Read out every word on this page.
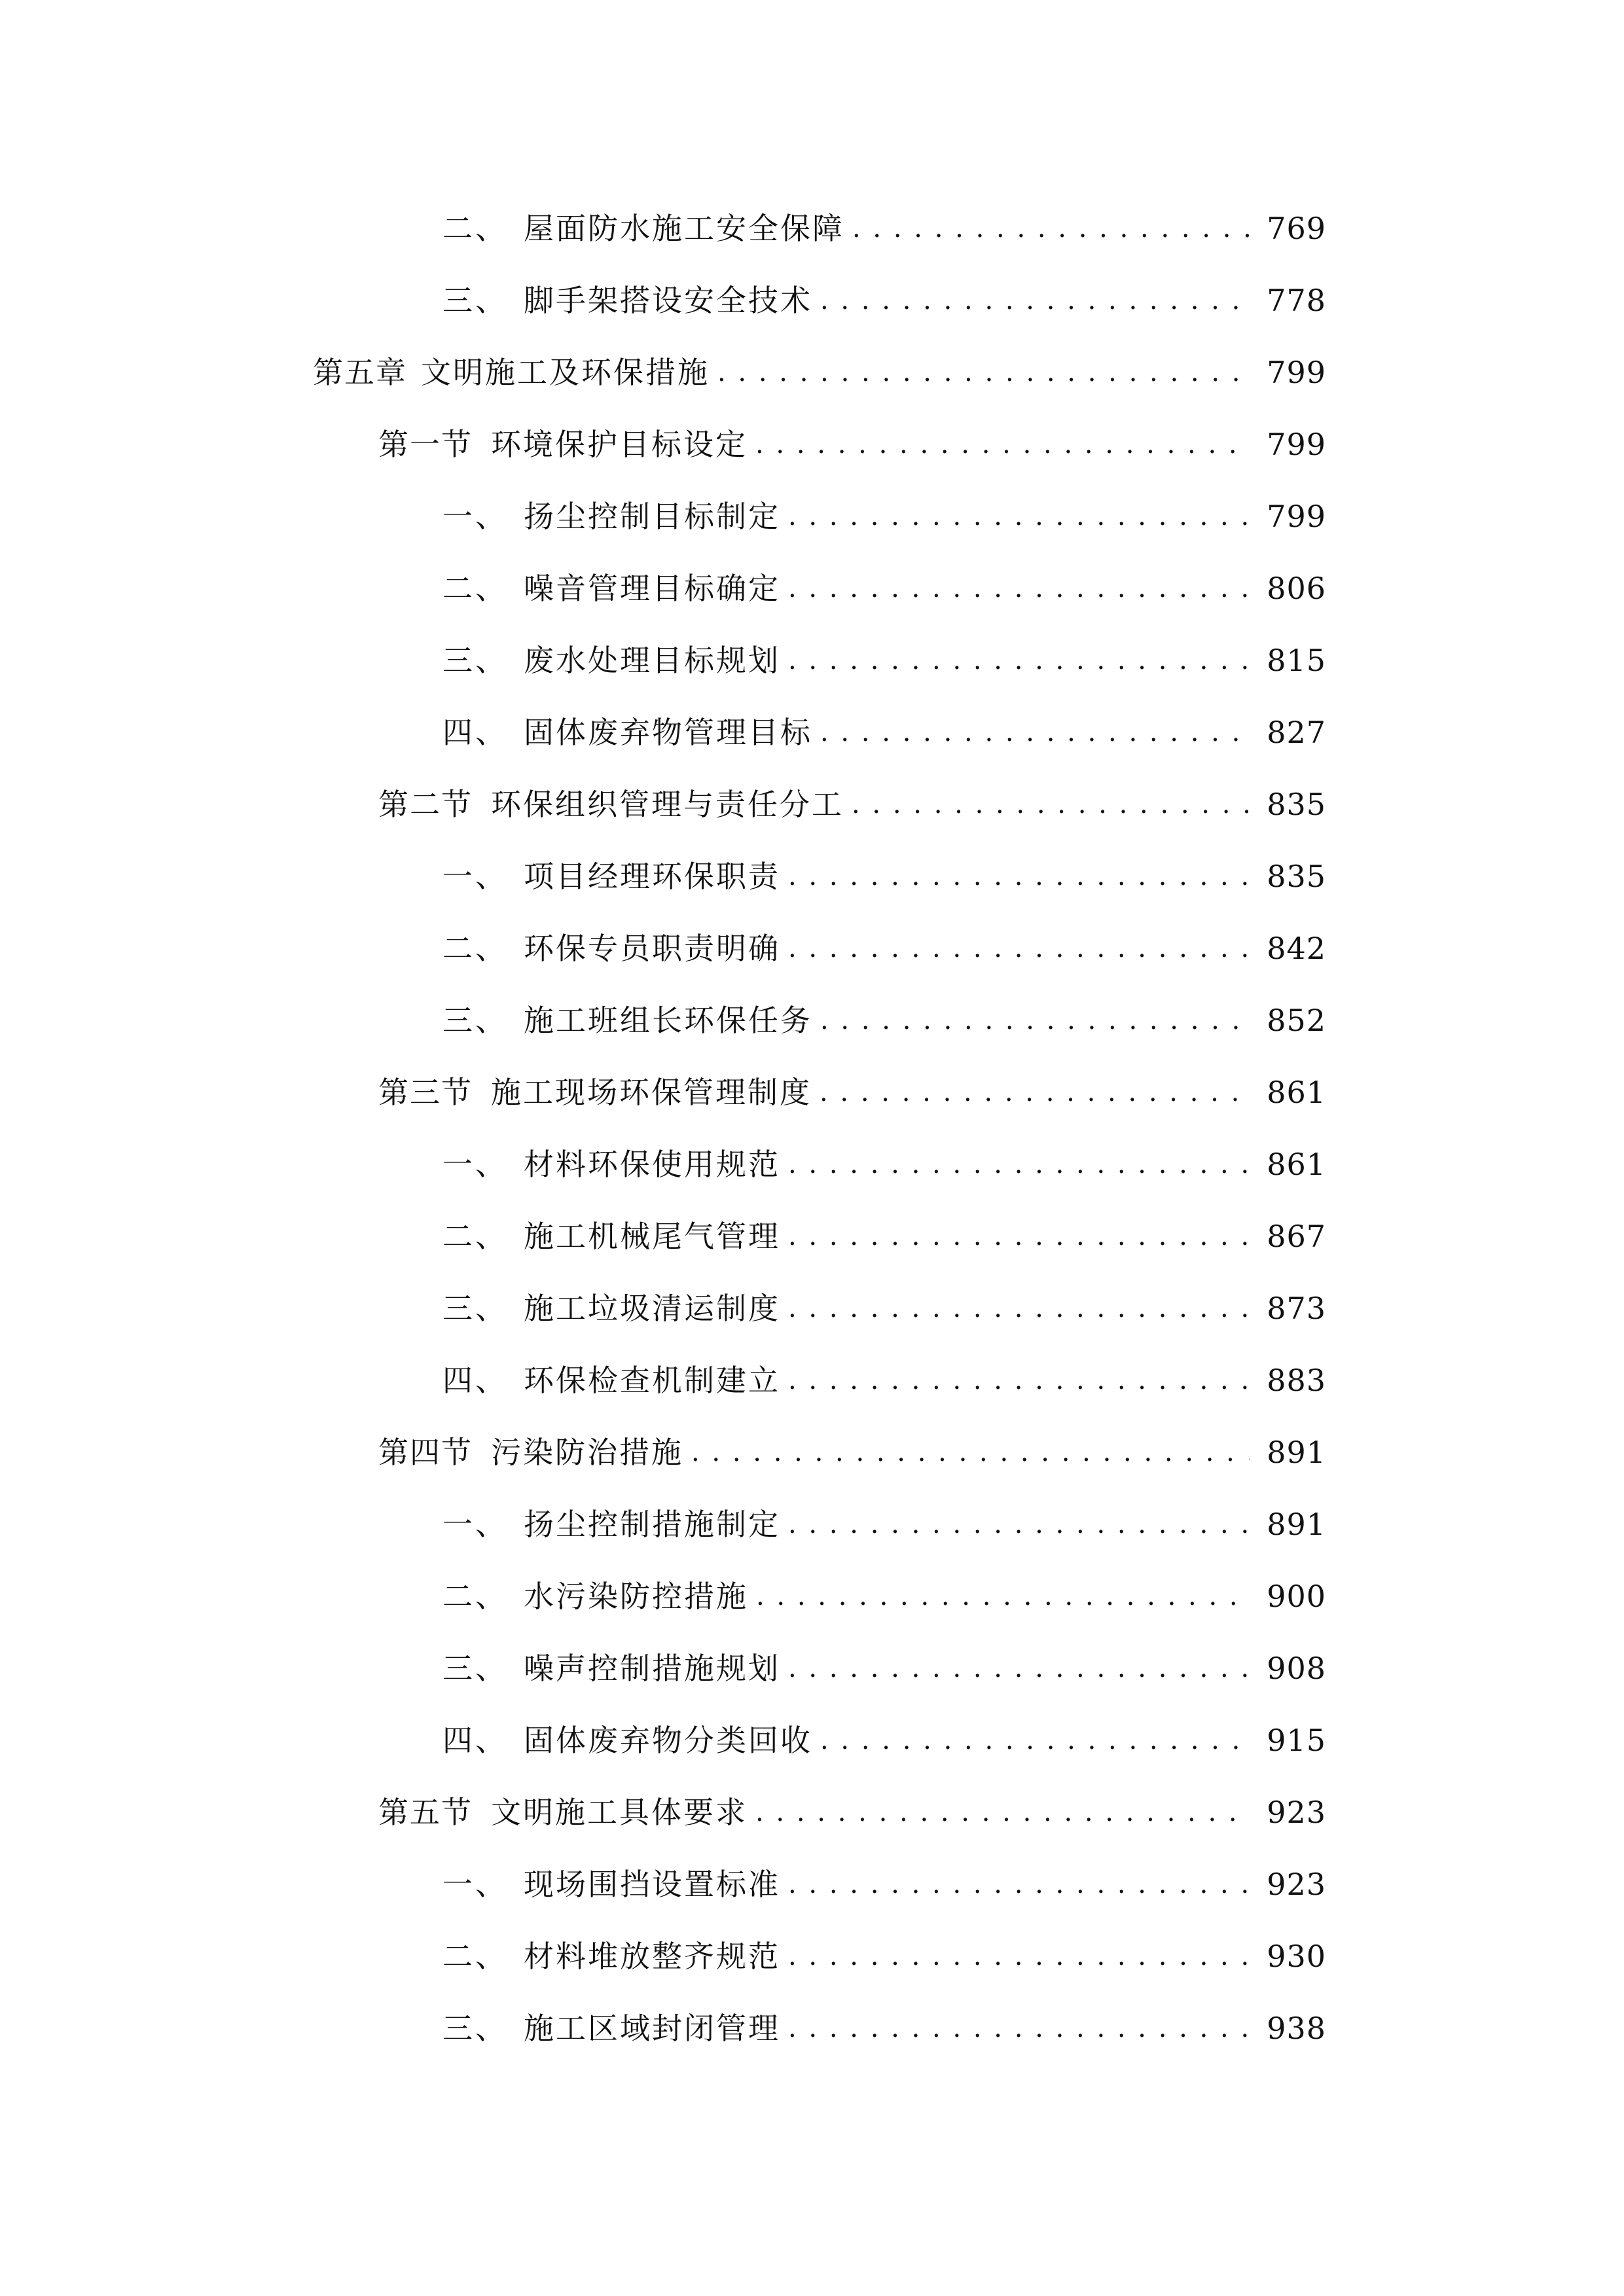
二、 屋面防水施工安全保障 . . .	769
三、 脚手架搭设安全技术 . . .	778
第五章 文明施工及环保措施 . . .	799
第一节 环境保护目标设定 . . .	799
一、 扬尘控制目标制定 . . .	799
二、 噪音管理目标确定 . . .	806
三、 废水处理目标规划 . . .	815
四、 固体废弃物管理目标 . . .	827
第二节 环保组织管理与责任分工 . . .	835
一、 项目经理环保职责 . . .	835
二、 环保专员职责明确 . . .	842
三、 施工班组长环保任务 . . .	852
第三节 施工现场环保管理制度 . . .	861
一、 材料环保使用规范 . . .	861
二、 施工机械尾气管理 . . .	867
三、 施工垃圾清运制度 . . .	873
四、 环保检查机制建立 . . .	883
第四节 污染防治措施 . . .	891
一、 扬尘控制措施制定 . . .	891
二、 水污染防控措施 . . .	900
三、 噪声控制措施规划 . . .	908
四、 固体废弃物分类回收 . . .	915
第五节 文明施工具体要求 . . .	923
一、 现场围挡设置标准 . . .	923
二、 材料堆放整齐规范 . . .	930
三、 施工区域封闭管理 . . .	938
